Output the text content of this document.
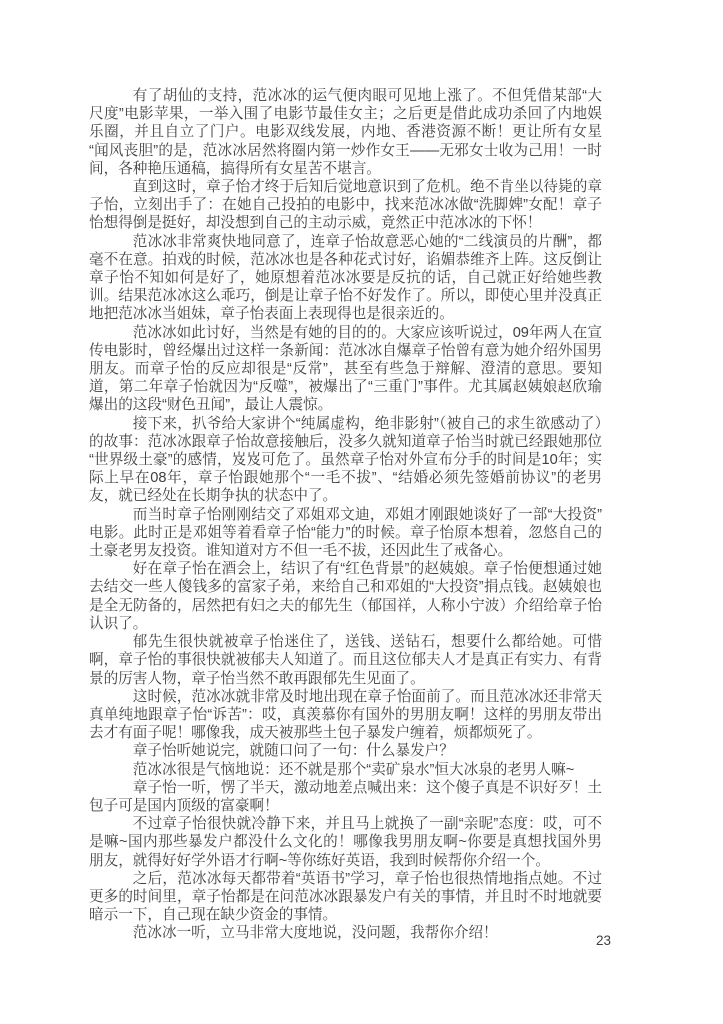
有了胡仙的支持，范冰冰的运气便肉眼可见地上涨了。不但凭借某部“大尺度”电影苹果，一举入围了电影节最佳女主；之后更是借此成功杀回了内地娱乐圈，并且自立了门户。电影双线发展，内地、香港资源不断！更让所有女星“闻风丧胆”的是，范冰冰居然将圈内第一炒作女王——无邪女士收为己用！一时间，各种艳压通稿，搞得所有女星苦不堪言。

直到这时，章子怡才终于后知后觉地意识到了危机。绝不肯坐以待毙的章子怡，立刻出手了：在她自己投拍的电影中，找来范冰冰做“洗脚婢”女配！章子怡想得倒是挺好，却没想到自己的主动示威，竟然正中范冰冰的下怀！

范冰冰非常爽快地同意了，连章子怡故意恶心她的“二线演员的片酬”，都毫不在意。拍戏的时候，范冰冰也是各种花式讨好，谄媚恭维齐上阵。这反倒让章子怡不知如何是好了，她原想着范冰冰要是反抗的话，自己就正好给她些教训。结果范冰冰这么乖巧，倒是让章子怡不好发作了。所以，即使心里并没真正地把范冰冰当姐妹，章子怡表面上表现得也是很亲近的。

范冰冰如此讨好，当然是有她的目的的。大家应该听说过，09年两人在宣传电影时，曾经爆出过这样一条新闻：范冰冰自爆章子怡曾有意为她介绍外国男朋友。而章子怡的反应却很是“反常”，甚至有些急于辩解、澄清的意思。要知道，第二年章子怡就因为“反噬”，被爆出了“三重门”事件。尤其属赵姨娘赵欣瑜爆出的这段“财色丑闻”，最让人震惊。

接下来，扒爷给大家讲个“纯属虚构，绝非影射”（被自己的求生欲感动了）的故事：范冰冰跟章子怡故意接触后，没多久就知道章子怡当时就已经跟她那位“世界级土豪”的感情，岌岌可危了。虽然章子怡对外宣布分手的时间是10年；实际上早在08年，章子怡跟她那个“一毛不拔”、“结婚必须先签婚前协议”的老男友，就已经处在长期争执的状态中了。

而当时章子怡刚刚结交了邓姐邓文迪，邓姐才刚跟她谈好了一部“大投资”电影。此时正是邓姐等着看章子怡“能力”的时候。章子怡原本想着，忽悠自己的土豪老男友投资。谁知道对方不但一毛不拔，还因此生了戒备心。

好在章子怡在酒会上，结识了有“红色背景”的赵姨娘。章子怡便想通过她去结交一些人傻钱多的富家子弟，来给自己和邓姐的“大投资”捐点钱。赵姨娘也是全无防备的，居然把有妇之夫的郁先生（郁国祥，人称小宁波）介绍给章子怡认识了。

郁先生很快就被章子怡迷住了，送钱、送钻石，想要什么都给她。可惜啊，章子怡的事很快就被郁夫人知道了。而且这位郁夫人才是真正有实力、有背景的厉害人物，章子怡当然不敢再跟郁先生见面了。

这时候，范冰冰就非常及时地出现在章子怡面前了。而且范冰冰还非常天真单纯地跟章子怡“诉苦”：哎，真羡慕你有国外的男朋友啊！这样的男朋友带出去才有面子呢！哪像我，成天被那些土包子暴发户缠着，烦都烦死了。

章子怡听她说完，就随口问了一句：什么暴发户？

范冰冰很是气恼地说：还不就是那个“卖矿泉水”恒大冰泉的老男人嘛~

章子怡一听，愣了半天，激动地差点喊出来：这个傻子真是不识好歹！土包子可是国内顶级的富豪啊！

不过章子怡很快就冷静下来，并且马上就换了一副“亲昵”态度：哎，可不是嘛~国内那些暴发户都没什么文化的！哪像我男朋友啊~你要是真想找国外男朋友，就得好好学外语才行啊~等你练好英语，我到时候帮你介绍一个。

之后，范冰冰每天都带着“英语书”学习，章子怡也很热情地指点她。不过更多的时间里，章子怡都是在问范冰冰跟暴发户有关的事情，并且时不时地就要暗示一下，自己现在缺少资金的事情。

范冰冰一听，立马非常大度地说，没问题，我帮你介绍！	23
